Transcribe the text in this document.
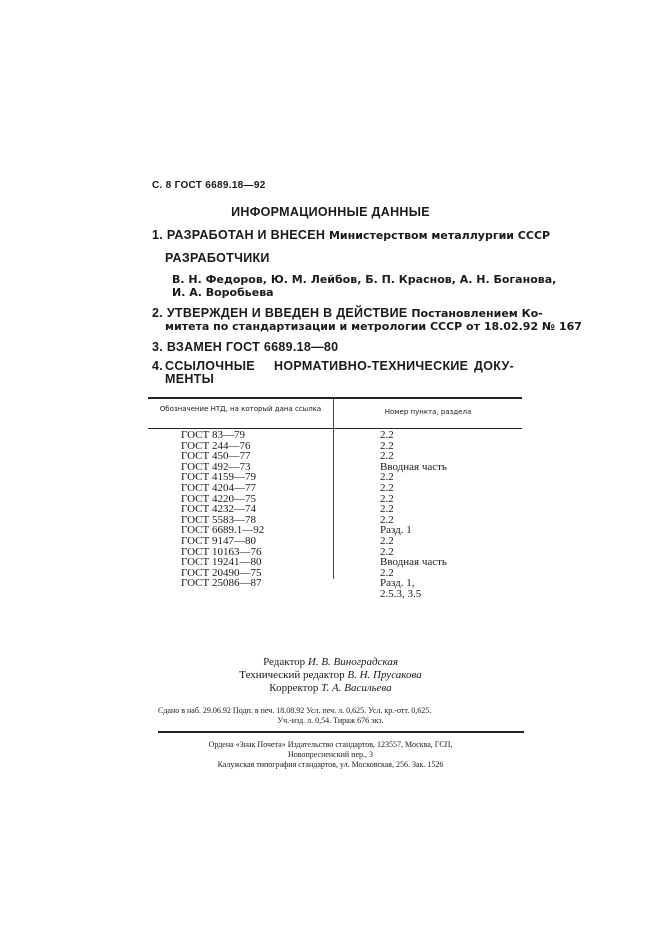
С. 8 ГОСТ 6689.18—92
ИНФОРМАЦИОННЫЕ ДАННЫЕ
1. РАЗРАБОТАН И ВНЕСЕН Министерством металлургии СССР
РАЗРАБОТЧИКИ
В. Н. Федоров, Ю. М. Лейбов, Б. П. Краснов, А. Н. Боганова,
И. А. Воробьева
2. УТВЕРЖДЕН И ВВЕДЕН В ДЕЙСТВИЕ Постановлением Ко-
митета по стандартизации и метрологии СССР от 18.02.92 № 167
3. ВЗАМЕН ГОСТ 6689.18—80
4. ССЫЛОЧНЫЕ НОРМАТИВНО-ТЕХНИЧЕСКИЕ ДОКУ-
МЕНТЫ
Обозначение НТД, на который дана ссылка	Номер пункта, раздела
ГОСТ 83—79
ГОСТ 244—76
ГОСТ 450—77
ГОСТ 492—73
ГОСТ 4159—79
ГОСТ 4204—77
ГОСТ 4220—75
ГОСТ 4232—74
ГОСТ 5583—78
ГОСТ 6689.1—92
ГОСТ 9147—80
ГОСТ 10163—76
ГОСТ 19241—80
ГОСТ 20490—75
ГОСТ 25086—87
2.2
2.2
2.2
Вводная часть
2.2
2.2
2.2
2.2
2.2
Разд. 1
2.2
2.2
Вводная часть
2.2
Разд. 1,
2.5.3, 3.5
Редактор И. В. Виноградская
Технический редактор В. Н. Прусакова
Корректор Т. А. Васильева
Сдано в наб. 29.06.92 Подп. в печ. 18.08.92 Усл. печ. л. 0,625. Усл. кр.-отт. 0,625.
Уч.-изд. л. 0,54. Тираж 676 экз.
Ордена «Знак Почета» Издательство стандартов, 123557, Москва, ГСП,
Новопресненский пер., 3
Калужская типография стандартов, ул. Московская, 256. Зак. 1526
